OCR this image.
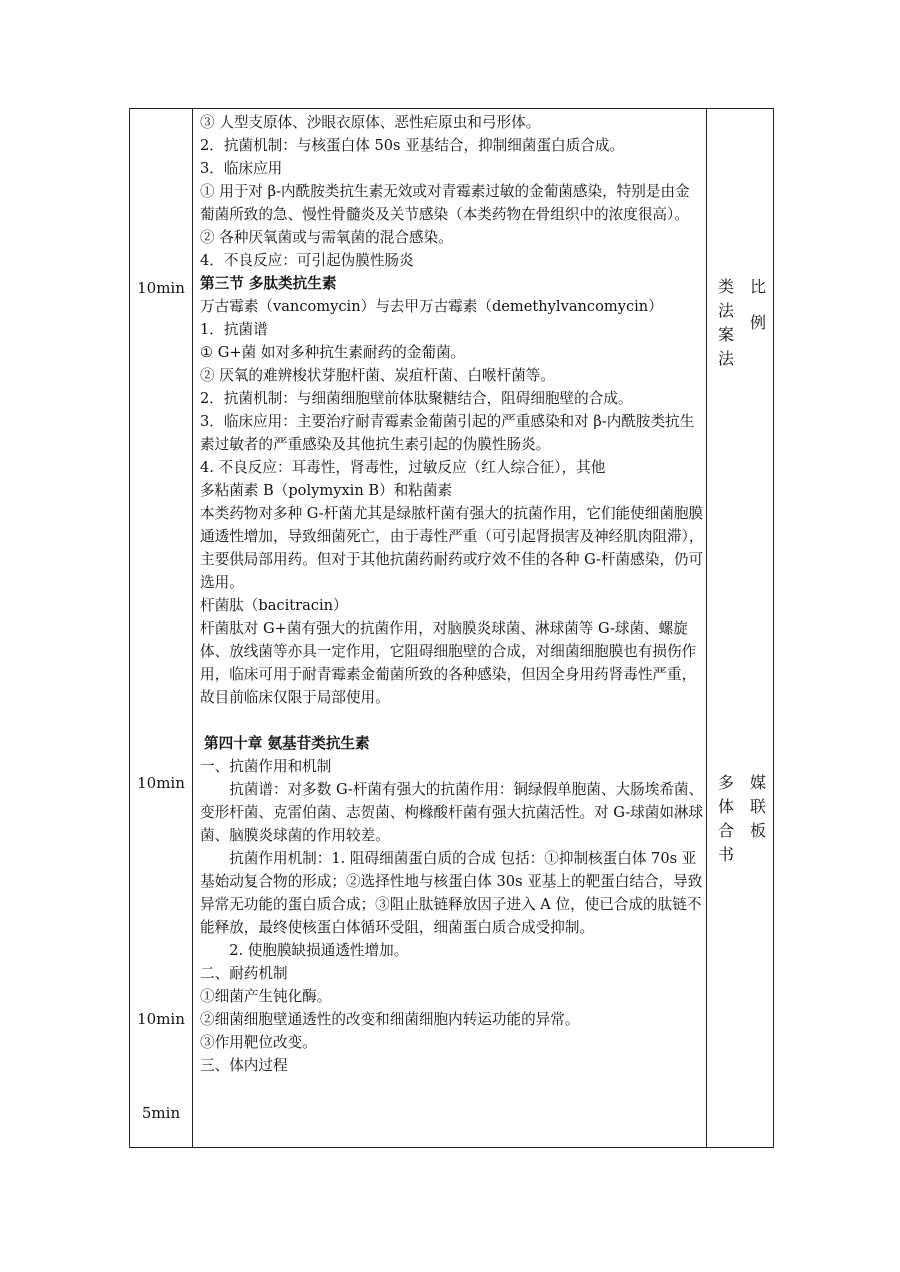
10min
10min
10min
5min

③ 人型支原体、沙眼衣原体、恶性疟原虫和弓形体。

2．抗菌机制：与核蛋白体 50s 亚基结合，抑制细菌蛋白质合成。

3．临床应用

① 用于对 β-内酰胺类抗生素无效或对青霉素过敏的金葡菌感染，特别是由金葡菌所致的急、慢性骨髓炎及关节感染（本类药物在骨组织中的浓度很高）。

② 各种厌氧菌或与需氧菌的混合感染。

4．不良反应：可引起伪膜性肠炎

第三节 多肽类抗生素

万古霉素（vancomycin）与去甲万古霉素（demethylvancomycin）

1．抗菌谱

① G+菌 如对多种抗生素耐药的金葡菌。

② 厌氧的难辨梭状芽胞杆菌、炭疽杆菌、白喉杆菌等。

2．抗菌机制：与细菌细胞壁前体肽聚糖结合，阻碍细胞壁的合成。

3．临床应用：主要治疗耐青霉素金葡菌引起的严重感染和对 β-内酰胺类抗生素过敏者的严重感染及其他抗生素引起的伪膜性肠炎。

4. 不良反应：耳毒性，肾毒性，过敏反应（红人综合征），其他

多粘菌素 B（polymyxin B）和粘菌素

本类药物对多种 G-杆菌尤其是绿脓杆菌有强大的抗菌作用，它们能使细菌胞膜通透性增加，导致细菌死亡，由于毒性严重（可引起肾损害及神经肌肉阻滞），主要供局部用药。但对于其他抗菌药耐药或疗效不佳的各种 G-杆菌感染，仍可选用。

杆菌肽（bacitracin）

杆菌肽对 G+菌有强大的抗菌作用，对脑膜炎球菌、淋球菌等 G-球菌、螺旋体、放线菌等亦具一定作用，它阻碍细胞壁的合成，对细菌细胞膜也有损伤作用，临床可用于耐青霉素金葡菌所致的各种感染，但因全身用药肾毒性严重，故目前临床仅限于局部使用。

第四十章 氨基苷类抗生素

一、抗菌作用和机制

抗菌谱：对多数 G-杆菌有强大的抗菌作用：铜绿假单胞菌、大肠埃希菌、变形杆菌、克雷伯菌、志贺菌、枸橼酸杆菌有强大抗菌活性。对 G-球菌如淋球菌、脑膜炎球菌的作用较差。

抗菌作用机制：1. 阻碍细菌蛋白质的合成 包括：①抑制核蛋白体 70s 亚基始动复合物的形成；②选择性地与核蛋白体 30s 亚基上的靶蛋白结合，导致异常无功能的蛋白质合成；③阻止肽链释放因子进入 A 位，使已合成的肽链不能释放，最终使核蛋白体循环受阻，细菌蛋白质合成受抑制。

2. 使胞膜缺损通透性增加。

二、耐药机制

①细菌产生钝化酶。

②细菌细胞壁通透性的改变和细菌细胞内转运功能的异常。

③作用靶位改变。

三、体内过程

类
法
案
法
比
例
多
体
合
书
媒
联
板
